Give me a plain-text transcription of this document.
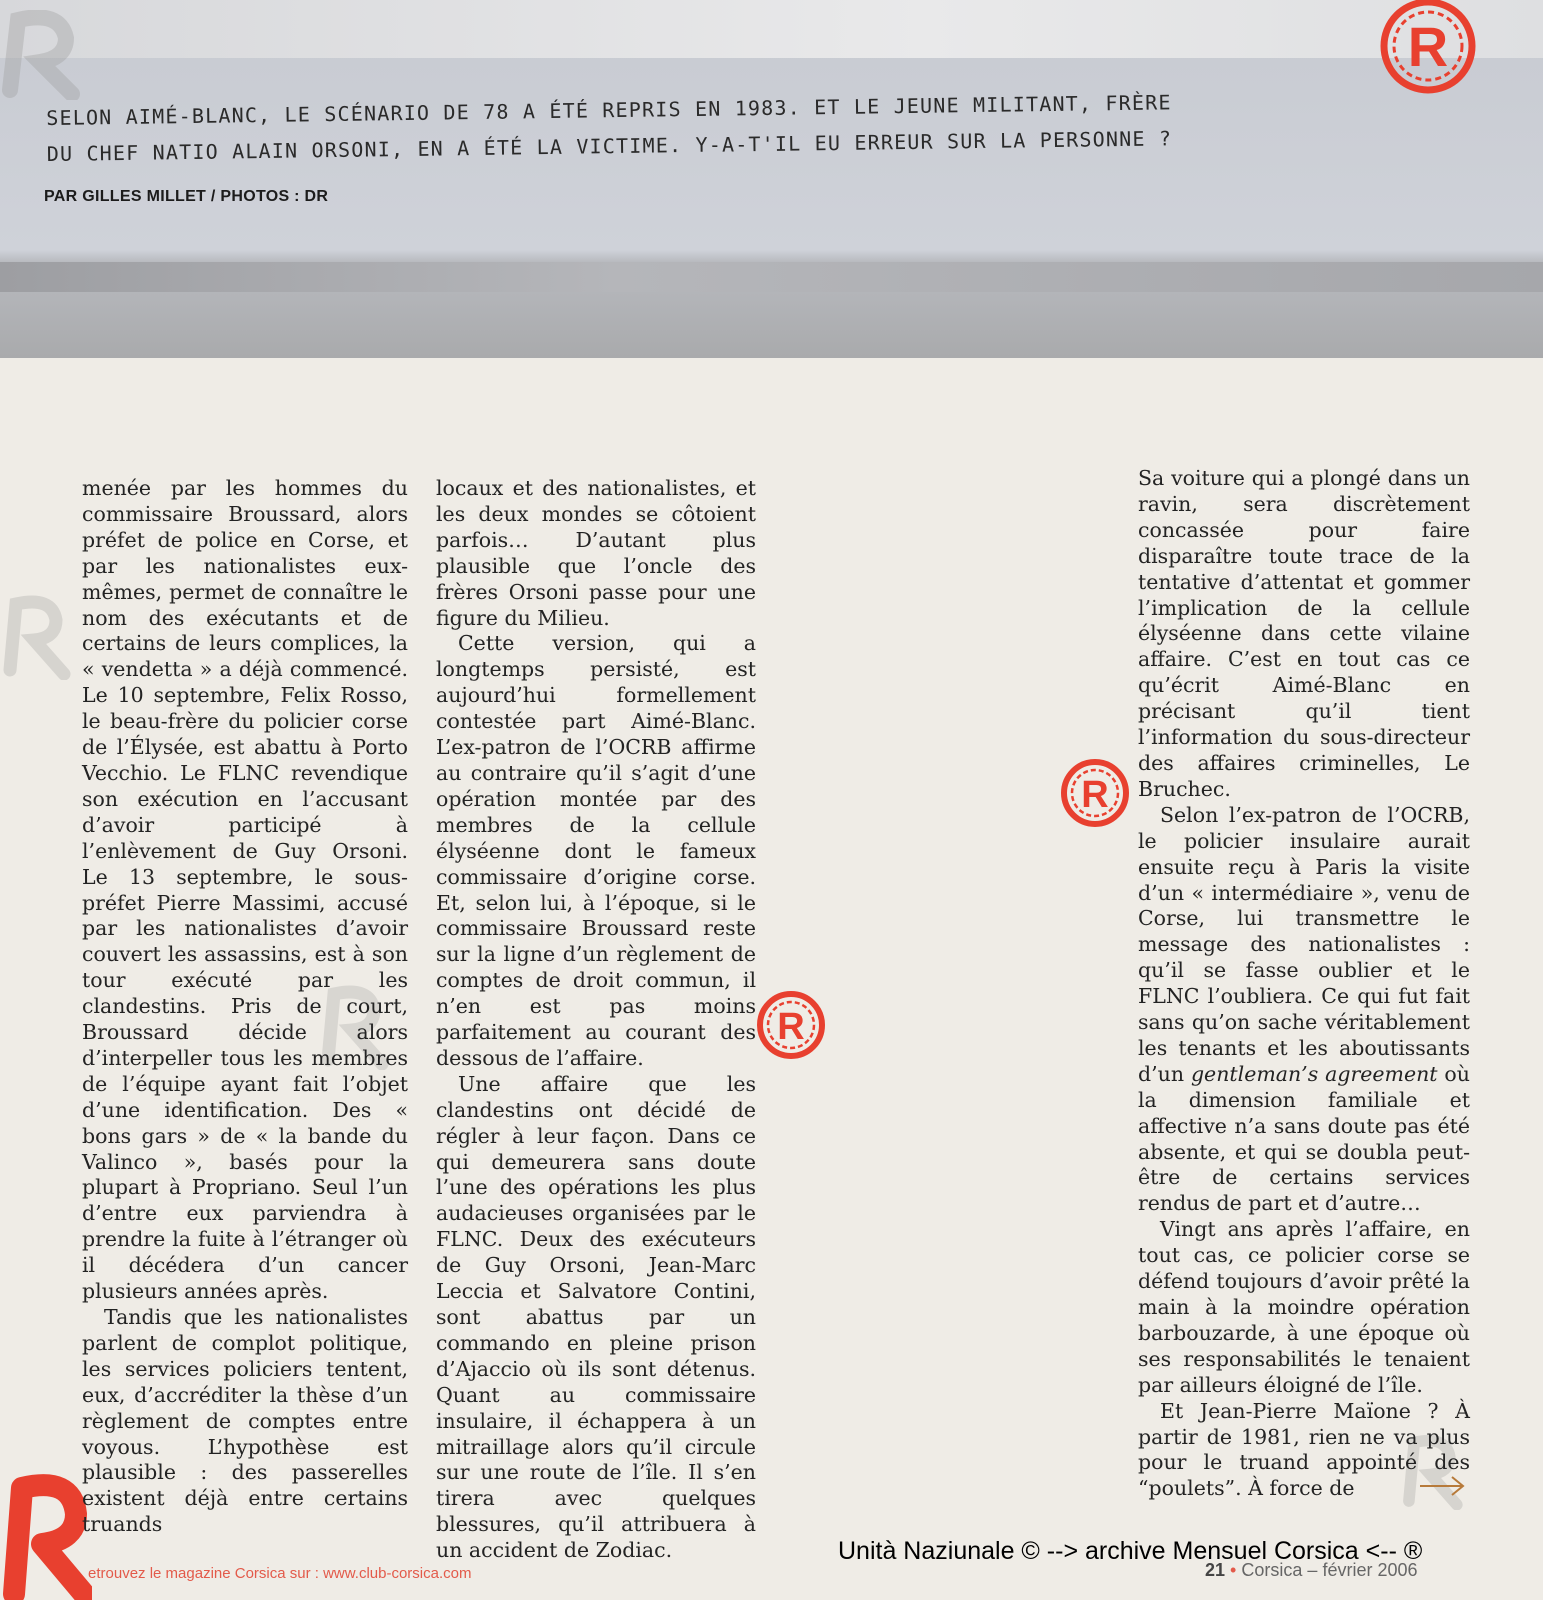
SELON AIMÉ-BLANC, LE SCÉNARIO DE 78 A ÉTÉ REPRIS EN 1983. ET LE JEUNE MILITANT, FRÈRE
DU CHEF NATIO ALAIN ORSONI, EN A ÉTÉ LA VICTIME. Y-A-T'IL EU ERREUR SUR LA PERSONNE ?
PAR GILLES MILLET / PHOTOS : DR
R
R
R

menée par les hommes du commissaire Broussard, alors préfet de police en Corse, et par les nationalistes eux-mêmes, permet de connaître le nom des exécutants et de certains de leurs complices, la « vendetta » a déjà commencé. Le 10 septembre, Felix Rosso, le beau-frère du policier corse de l’Élysée, est abattu à Porto Vecchio. Le FLNC revendique son exécution en l’accusant d’avoir participé à l’enlèvement de Guy Orsoni. Le 13 septembre, le sous-préfet Pierre Massimi, accusé par les nationalistes d’avoir couvert les assassins, est à son tour exécuté par les clandestins. Pris de court, Broussard décide alors d’interpeller tous les membres de l’équipe ayant fait l’objet d’une identification. Des « bons gars » de « la bande du Valinco », basés pour la plupart à Propriano. Seul l’un d’entre eux parviendra à prendre la fuite à l’étranger où il décédera d’un cancer plusieurs années après.

Tandis que les nationalistes parlent de complot politique, les services policiers tentent, eux, d’accréditer la thèse d’un règlement de comptes entre voyous. L’hypothèse est plausible : des passerelles existent déjà entre certains truands

locaux et des nationalistes, et les deux mondes se côtoient parfois… D’autant plus plausible que l’oncle des frères Orsoni passe pour une figure du Milieu.

Cette version, qui a longtemps persisté, est aujourd’hui formellement contestée part Aimé-Blanc. L’ex-patron de l’OCRB affirme au contraire qu’il s’agit d’une opération montée par des membres de la cellule élyséenne dont le fameux commissaire d’origine corse. Et, selon lui, à l’époque, si le commissaire Broussard reste sur la ligne d’un règlement de comptes de droit commun, il n’en est pas moins parfaitement au courant des dessous de l’affaire.

Une affaire que les clandestins ont décidé de régler à leur façon. Dans ce qui demeurera sans doute l’une des opérations les plus audacieuses organisées par le FLNC. Deux des exécuteurs de Guy Orsoni, Jean-Marc Leccia et Salvatore Contini, sont abattus par un commando en pleine prison d’Ajaccio où ils sont détenus. Quant au commissaire insulaire, il échappera à un mitraillage alors qu’il circule sur une route de l’île. Il s’en tirera avec quelques blessures, qu’il attribuera à un accident de Zodiac.

Sa voiture qui a plongé dans un ravin, sera discrètement concassée pour faire disparaître toute trace de la tentative d’attentat et gommer l’implication de la cellule élyséenne dans cette vilaine affaire. C’est en tout cas ce qu’écrit Aimé-Blanc en précisant qu’il tient l’information du sous-directeur des affaires criminelles, Le Bruchec.

Selon l’ex-patron de l’OCRB, le policier insulaire aurait ensuite reçu à Paris la visite d’un « intermédiaire », venu de Corse, lui transmettre le message des nationalistes : qu’il se fasse oublier et le FLNC l’oubliera. Ce qui fut fait sans qu’on sache véritablement les tenants et les aboutissants d’un gentleman’s agreement où la dimension familiale et affective n’a sans doute pas été absente, et qui se doubla peut-être de certains services rendus de part et d’autre…

Vingt ans après l’affaire, en tout cas, ce policier corse se défend toujours d’avoir prêté la main à la moindre opération barbouzarde, à une époque où ses responsabilités le tenaient par ailleurs éloigné de l’île.

Et Jean-Pierre Maïone ? À partir de 1981, rien ne va plus pour le truand appointé des “poulets”. À force de

etrouvez le magazine Corsica sur : www.club-corsica.com	21 • Corsica – février 2006
Unità Naziunale © --> archive Mensuel Corsica <-- ®
